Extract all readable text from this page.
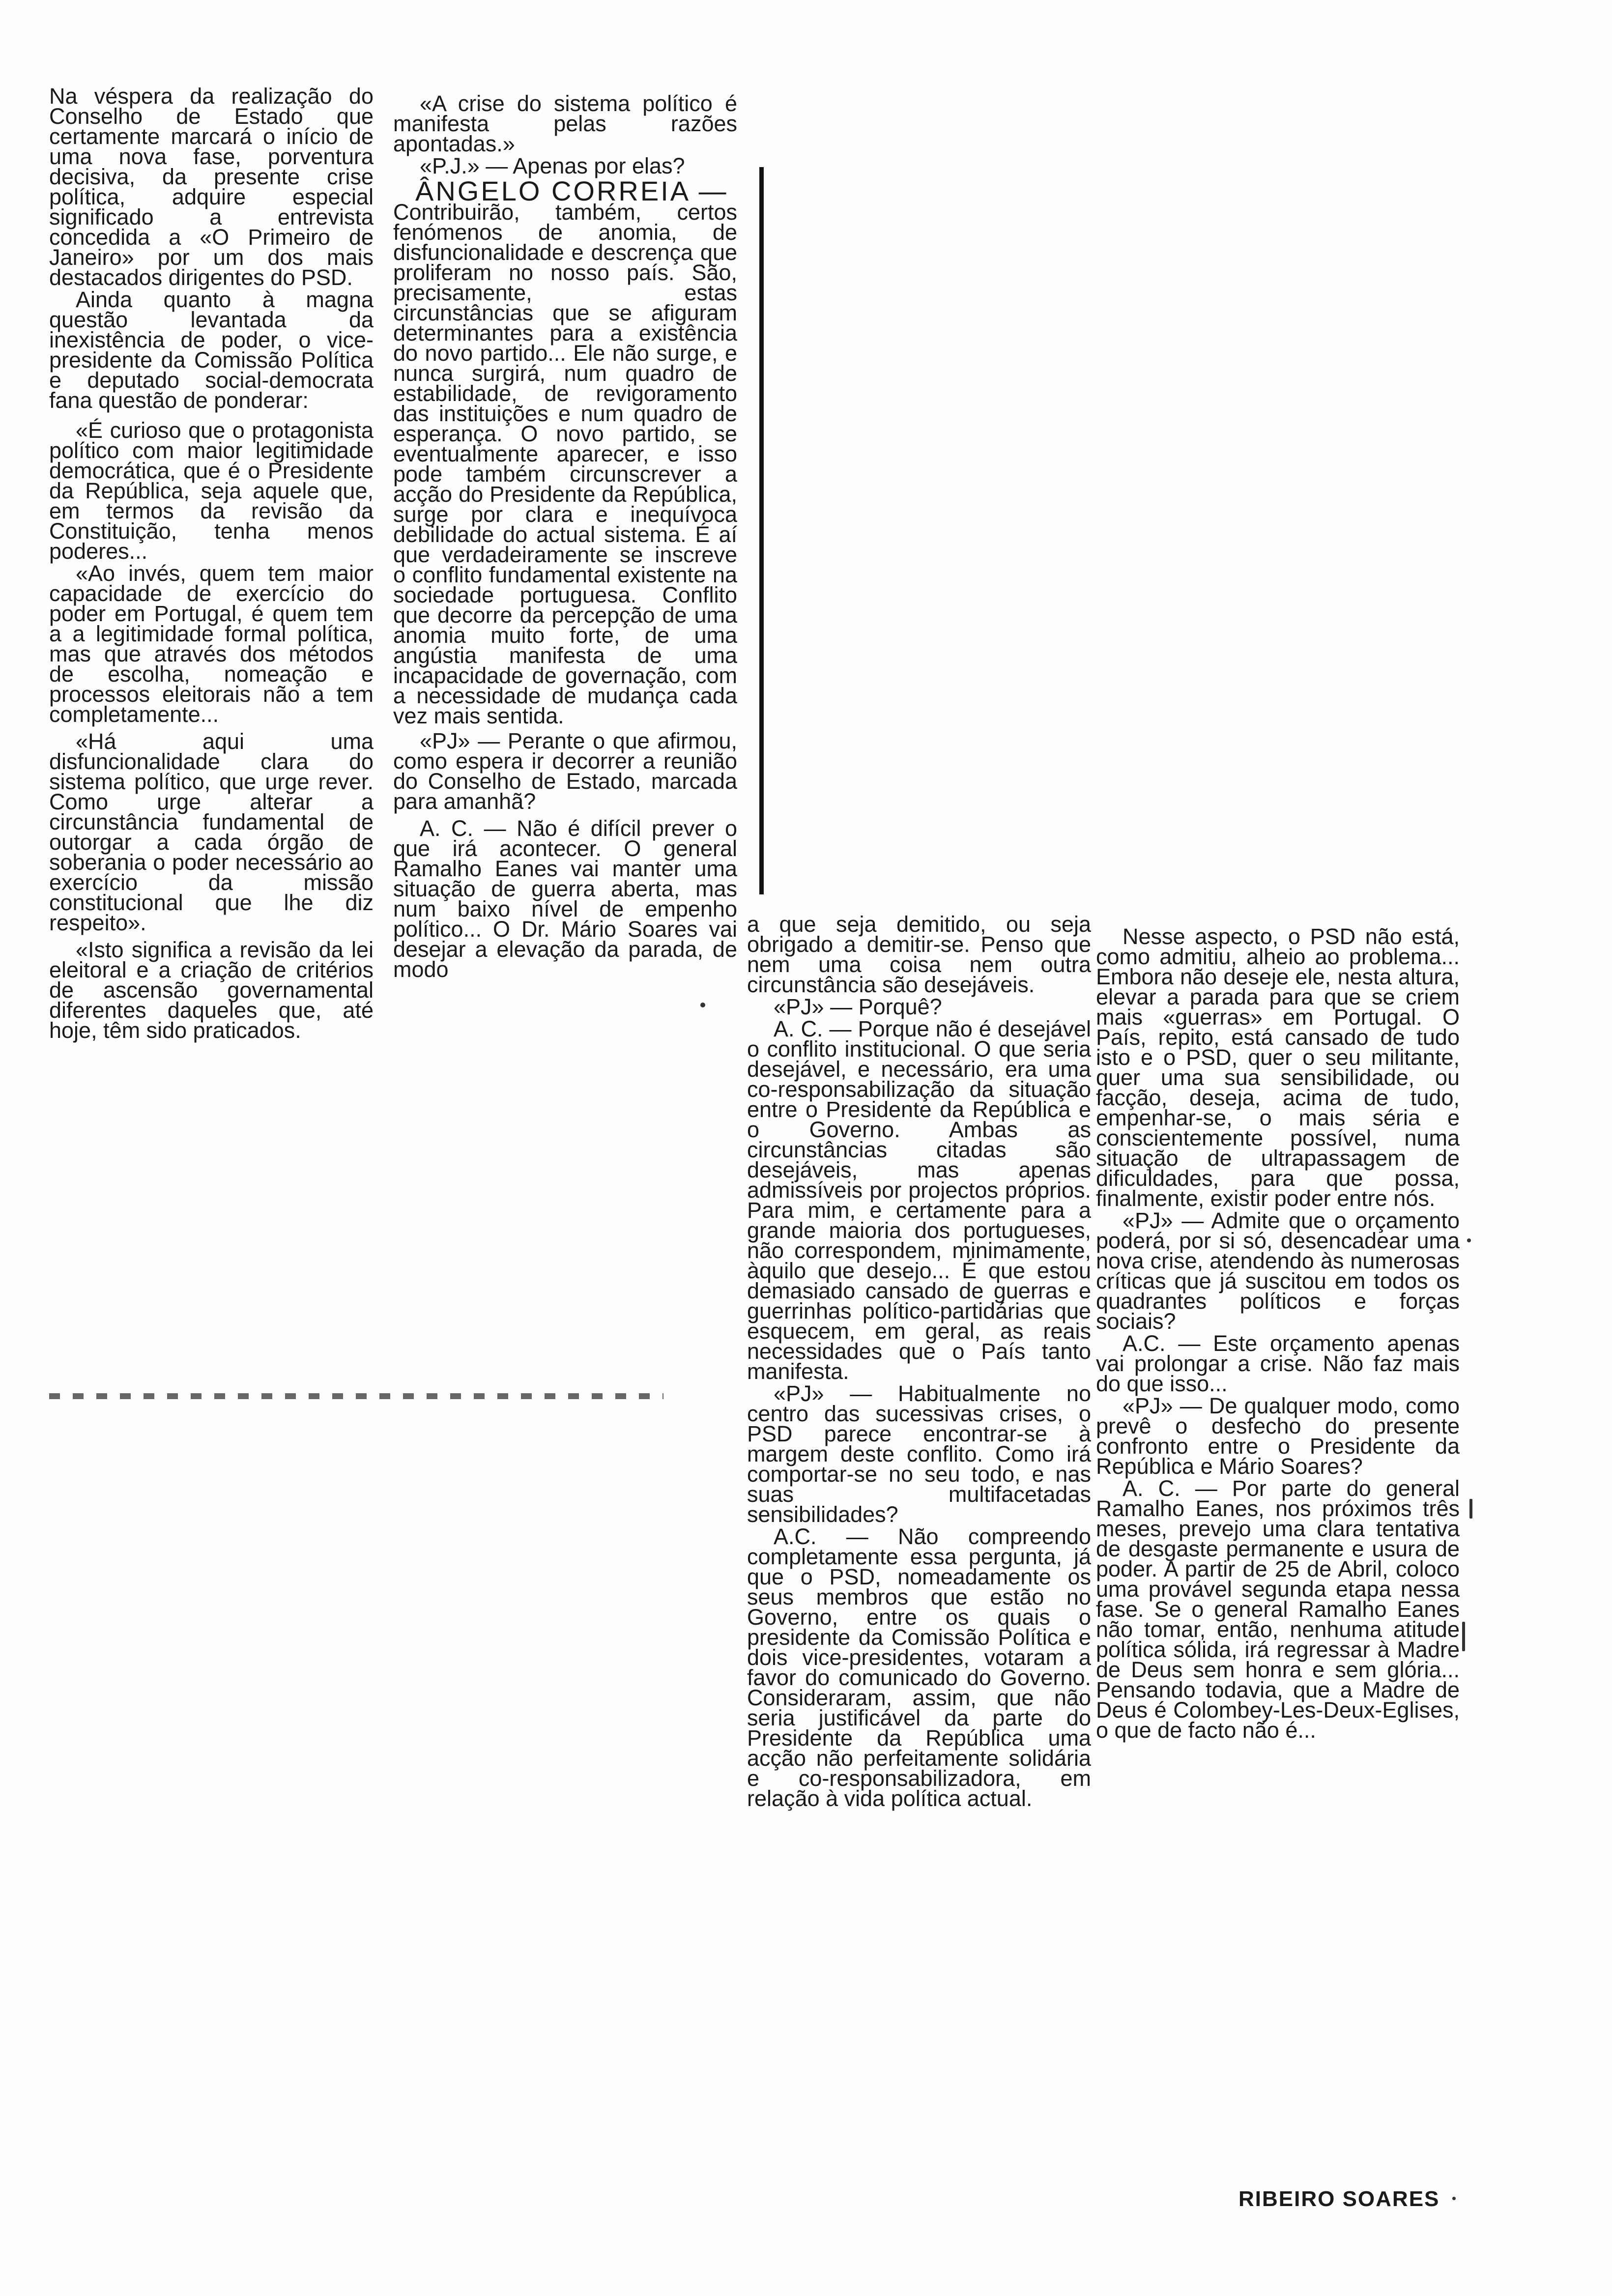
Na véspera da realização do Conselho de Estado que certamente marcará o início de uma nova fase, porventura decisiva, da presente crise política, adquire especial significado a entrevista concedida a «O Primeiro de Janeiro» por um dos mais destacados dirigentes do PSD.

Ainda quanto à magna questão levantada da inexistência de poder, o vice-presidente da Comissão Política e deputado social-democrata fana questão de ponderar:

«É curioso que o protagonista político com maior legitimidade democrática, que é o Presidente da República, seja aquele que, em termos da revisão da Constituição, tenha menos poderes...

«Ao invés, quem tem maior capacidade de exercício do poder em Portugal, é quem tem a a legitimidade formal política, mas que através dos métodos de escolha, nomeação e processos eleitorais não a tem completamente...

«Há aqui uma disfuncionalidade clara do sistema político, que urge rever. Como urge alterar a circunstância fundamental de outorgar a cada órgão de soberania o poder necessário ao exercício da missão constitucional que lhe diz respeito».

«Isto significa a revisão da lei eleitoral e a criação de critérios de ascensão governamental diferentes daqueles que, até hoje, têm sido praticados.

«A crise do sistema político é manifesta pelas razões apontadas.»

«P.J.» — Apenas por elas?

ÂNGELO CORREIA —

Contribuirão, também, certos fenómenos de anomia, de disfuncionalidade e descrença que proliferam no nosso país. São, precisamente, estas circunstâncias que se afiguram determinantes para a existência do novo partido... Ele não surge, e nunca surgirá, num quadro de estabilidade, de revigoramento das instituições e num quadro de esperança. O novo partido, se eventualmente aparecer, e isso pode também circunscrever a acção do Presidente da República, surge por clara e inequívoca debilidade do actual sistema. É aí que verdadeiramente se inscreve o conflito fundamental existente na sociedade portuguesa. Conflito que decorre da percepção de uma anomia muito forte, de uma angústia manifesta de uma incapacidade de governação, com a necessidade de mudança cada vez mais sentida.

«PJ» — Perante o que afirmou, como espera ir decorrer a reunião do Conselho de Estado, marcada para amanhã?

A. C. — Não é difícil prever o que irá acontecer. O general Ramalho Eanes vai manter uma situação de guerra aberta, mas num baixo nível de empenho político... O Dr. Mário Soares vai desejar a elevação da parada, de modo

a que seja demitido, ou seja obrigado a demitir-se. Penso que nem uma coisa nem outra circunstância são desejáveis.

«PJ» — Porquê?

A. C. — Porque não é desejável o conflito institucional. O que seria desejável, e necessário, era uma co-responsabilização da situação entre o Presidente da República e o Governo. Ambas as circunstâncias citadas são desejáveis, mas apenas admissíveis por projectos próprios. Para mim, e certamente para a grande maioria dos portugueses, não correspondem, minimamente, àquilo que desejo... É que estou demasiado cansado de guerras e guerrinhas político-partidárias que esquecem, em geral, as reais necessidades que o País tanto manifesta.

«PJ» — Habitualmente no centro das sucessivas crises, o PSD parece encontrar-se à margem deste conflito. Como irá comportar-se no seu todo, e nas suas multifacetadas sensibilidades?

A.C. — Não compreendo completamente essa pergunta, já que o PSD, nomeadamente os seus membros que estão no Governo, entre os quais o presidente da Comissão Política e dois vice-presidentes, votaram a favor do comunicado do Governo. Consideraram, assim, que não seria justificável da parte do Presidente da República uma acção não perfeitamente solidária e co-responsabilizadora, em relação à vida política actual.

Nesse aspecto, o PSD não está, como admitiu, alheio ao problema... Embora não deseje ele, nesta altura, elevar a parada para que se criem mais «guerras» em Portugal. O País, repito, está cansado de tudo isto e o PSD, quer o seu militante, quer uma sua sensibilidade, ou facção, deseja, acima de tudo, empenhar-se, o mais séria e conscientemente possível, numa situação de ultrapassagem de dificuldades, para que possa, finalmente, existir poder entre nós.

«PJ» — Admite que o orçamento poderá, por si só, desencadear uma nova crise, atendendo às numerosas críticas que já suscitou em todos os quadrantes políticos e forças sociais?

A.C. — Este orçamento apenas vai prolongar a crise. Não faz mais do que isso...

«PJ» — De qualquer modo, como prevê o desfecho do presente confronto entre o Presidente da República e Mário Soares?

A. C. — Por parte do general Ramalho Eanes, nos próximos três meses, prevejo uma clara tentativa de desgaste permanente e usura de poder. A partir de 25 de Abril, coloco uma provável segunda etapa nessa fase. Se o general Ramalho Eanes não tomar, então, nenhuma atitude política sólida, irá regressar à Madre de Deus sem honra e sem glória... Pensando todavia, que a Madre de Deus é Colombey-Les-Deux-Eglises, o que de facto não é...

RIBEIRO SOARES
